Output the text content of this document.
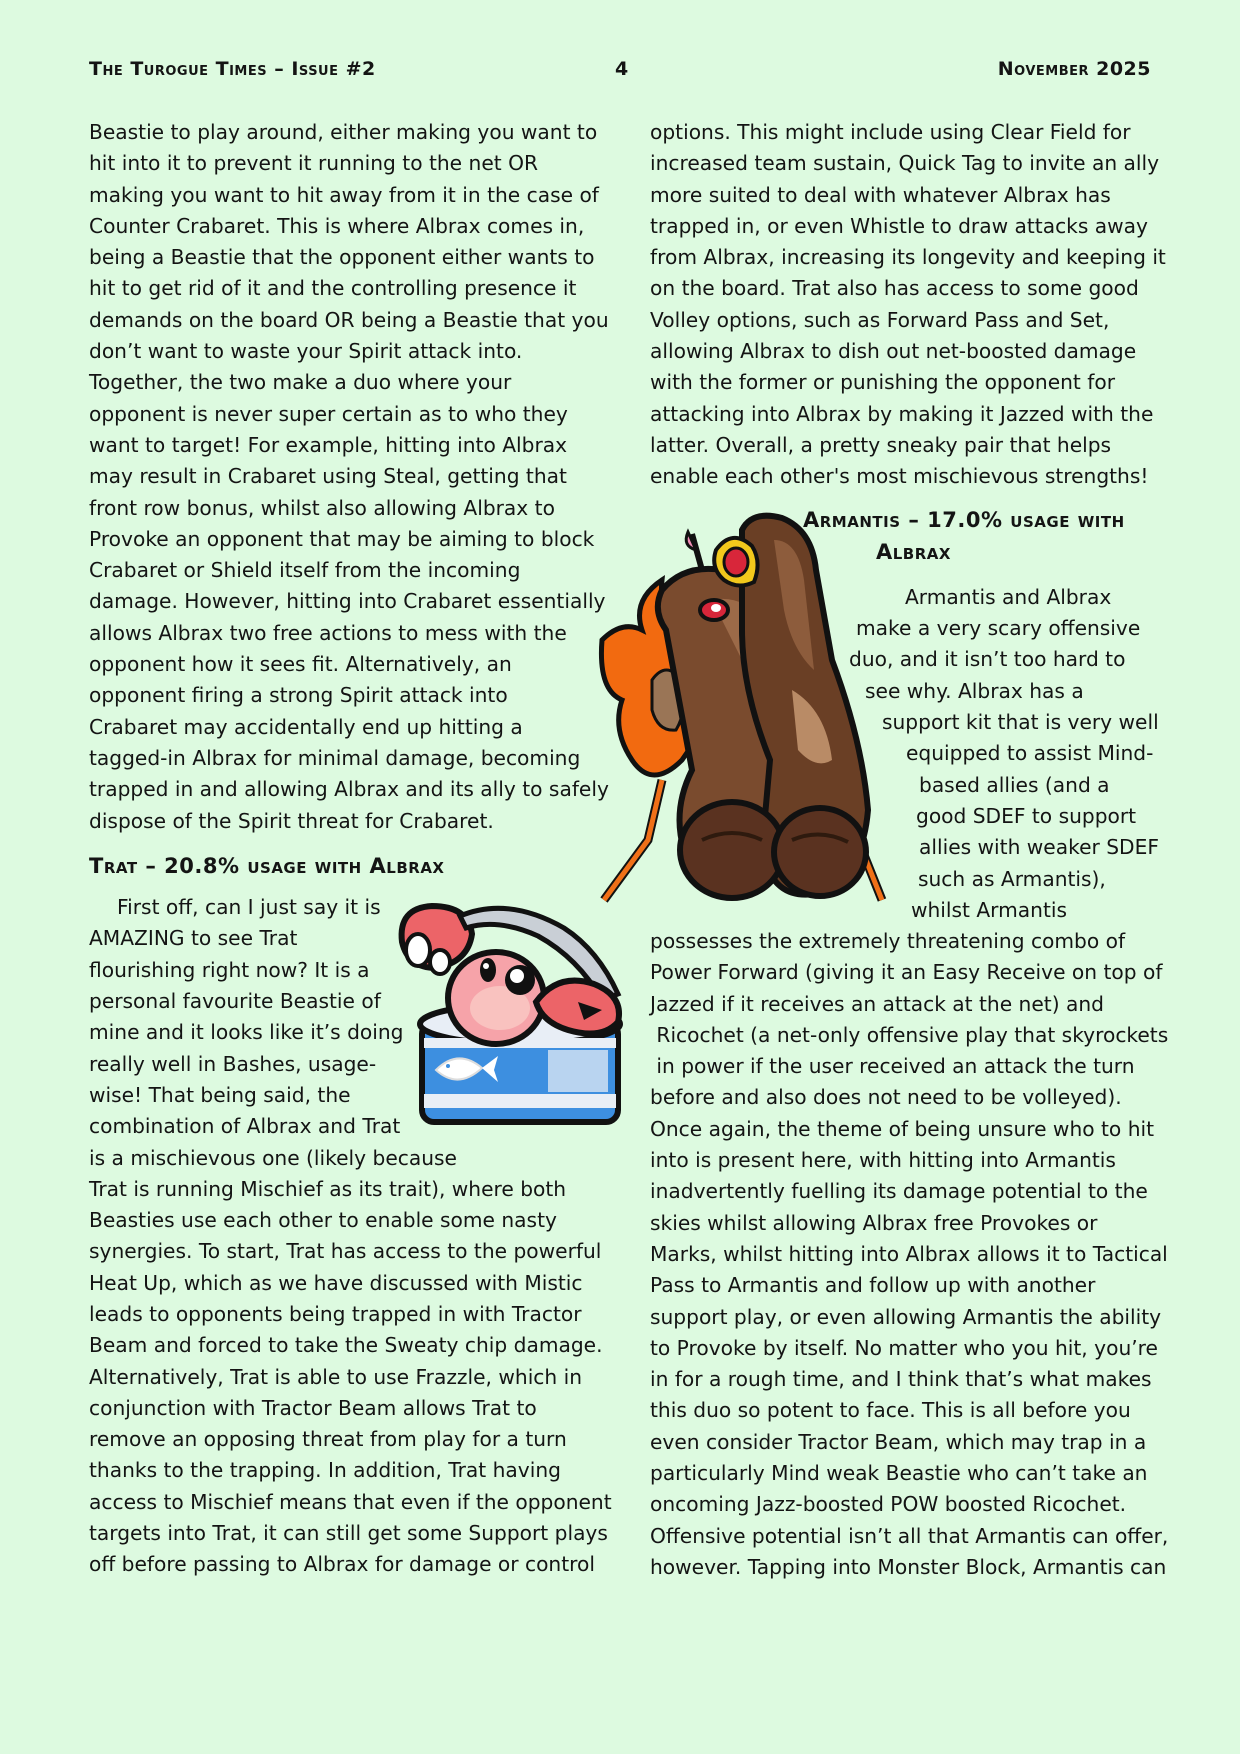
The Turogue Times – Issue #2	4	November 2025
Beastie to play around, either making you want to
hit into it to prevent it running to the net OR
making you want to hit away from it in the case of
Counter Crabaret. This is where Albrax comes in,
being a Beastie that the opponent either wants to
hit to get rid of it and the controlling presence it
demands on the board OR being a Beastie that you
don’t want to waste your Spirit attack into.
Together, the two make a duo where your
opponent is never super certain as to who they
want to target! For example, hitting into Albrax
may result in Crabaret using Steal, getting that
front row bonus, whilst also allowing Albrax to
Provoke an opponent that may be aiming to block
Crabaret or Shield itself from the incoming
damage. However, hitting into Crabaret essentially
allows Albrax two free actions to mess with the
opponent how it sees fit. Alternatively, an
opponent firing a strong Spirit attack into
Crabaret may accidentally end up hitting a
tagged-in Albrax for minimal damage, becoming
trapped in and allowing Albrax and its ally to safely
dispose of the Spirit threat for Crabaret.
Trat – 20.8% usage with Albrax
First off, can I just say it is
AMAZING to see Trat
flourishing right now? It is a
personal favourite Beastie of
mine and it looks like it’s doing
really well in Bashes, usage-
wise! That being said, the
combination of Albrax and Trat
is a mischievous one (likely because
Trat is running Mischief as its trait), where both
Beasties use each other to enable some nasty
synergies. To start, Trat has access to the powerful
Heat Up, which as we have discussed with Mistic
leads to opponents being trapped in with Tractor
Beam and forced to take the Sweaty chip damage.
Alternatively, Trat is able to use Frazzle, which in
conjunction with Tractor Beam allows Trat to
remove an opposing threat from play for a turn
thanks to the trapping. In addition, Trat having
access to Mischief means that even if the opponent
targets into Trat, it can still get some Support plays
off before passing to Albrax for damage or control
options. This might include using Clear Field for
increased team sustain, Quick Tag to invite an ally
more suited to deal with whatever Albrax has
trapped in, or even Whistle to draw attacks away
from Albrax, increasing its longevity and keeping it
on the board. Trat also has access to some good
Volley options, such as Forward Pass and Set,
allowing Albrax to dish out net-boosted damage
with the former or punishing the opponent for
attacking into Albrax by making it Jazzed with the
latter. Overall, a pretty sneaky pair that helps
enable each other's most mischievous strengths!
Armantis – 17.0% usage with
Albrax
Armantis and Albrax
make a very scary offensive
duo, and it isn’t too hard to
see why. Albrax has a
support kit that is very well
equipped to assist Mind-
based allies (and a
good SDEF to support
allies with weaker SDEF
such as Armantis),
whilst Armantis
possesses the extremely threatening combo of
Power Forward (giving it an Easy Receive on top of
Jazzed if it receives an attack at the net) and
Ricochet (a net-only offensive play that skyrockets
in power if the user received an attack the turn
before and also does not need to be volleyed).
Once again, the theme of being unsure who to hit
into is present here, with hitting into Armantis
inadvertently fuelling its damage potential to the
skies whilst allowing Albrax free Provokes or
Marks, whilst hitting into Albrax allows it to Tactical
Pass to Armantis and follow up with another
support play, or even allowing Armantis the ability
to Provoke by itself. No matter who you hit, you’re
in for a rough time, and I think that’s what makes
this duo so potent to face. This is all before you
even consider Tractor Beam, which may trap in a
particularly Mind weak Beastie who can’t take an
oncoming Jazz-boosted POW boosted Ricochet.
Offensive potential isn’t all that Armantis can offer,
however. Tapping into Monster Block, Armantis can
